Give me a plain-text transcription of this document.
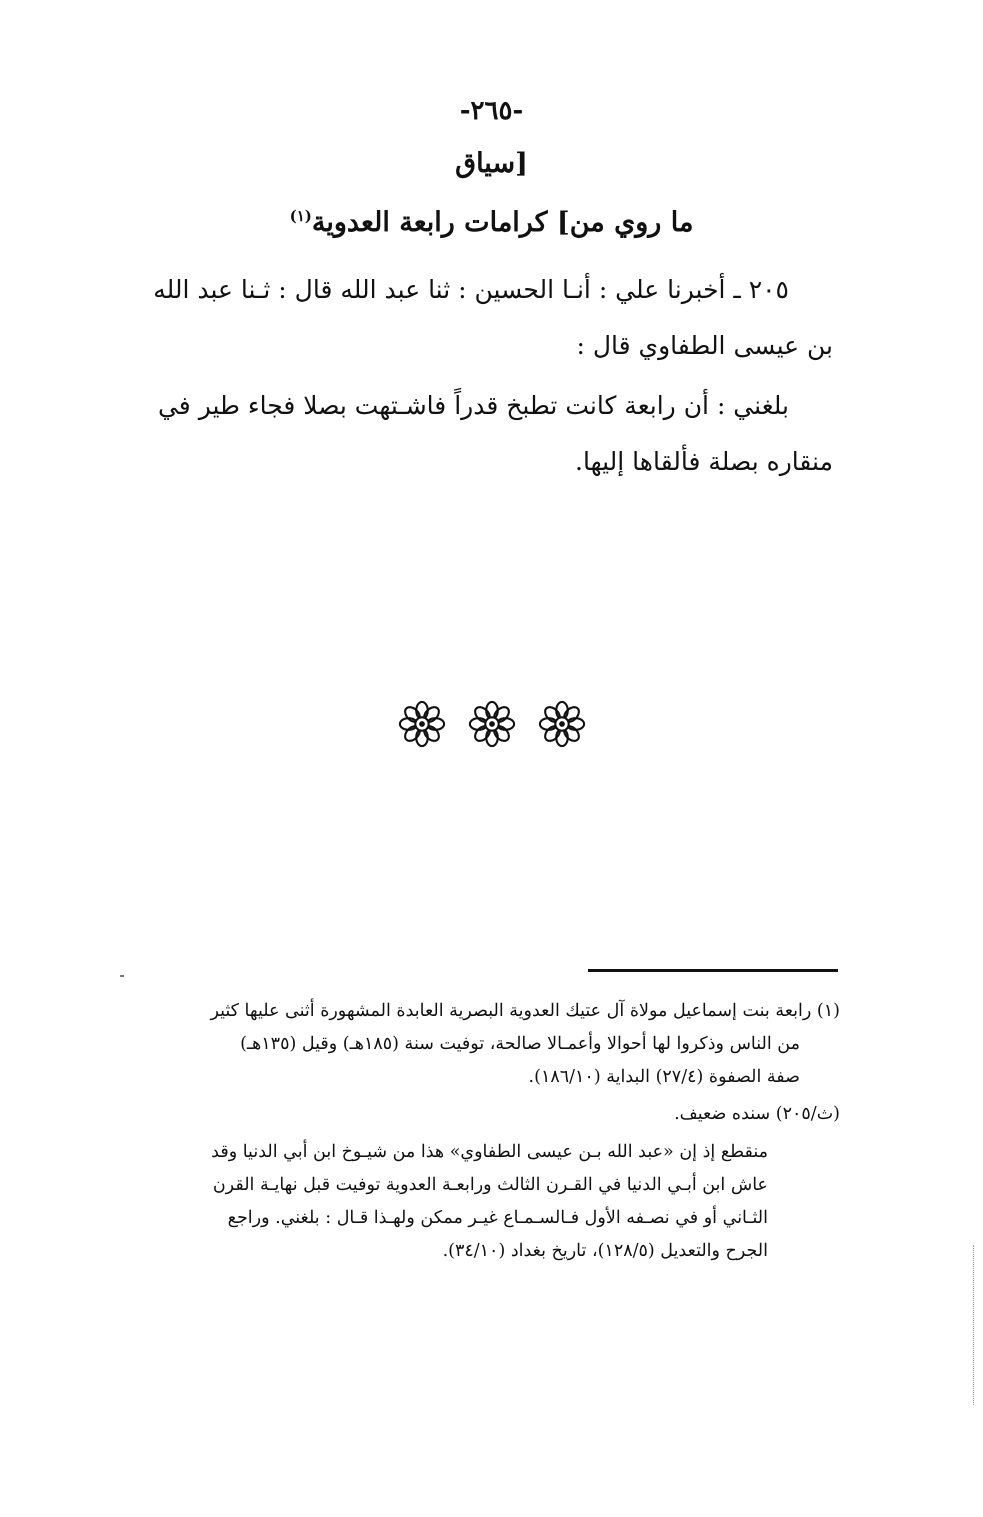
-٢٦٥-
[سياق
ما روي من] كرامات رابعة العدوية$^{(١)}$
٢٠٥ ـ أخبرنا علي : أنـا الحسين : ثنا عبد الله قال : ثـنا عبد الله
بن عيسى الطفاوي قال :
بلغني : أن رابعة كانت تطبخ قدراً فاشـتهت بصلا فجاء طير في
منقاره بصلة فألقاها إليها.
(١) رابعة بنت إسماعيل مولاة آل عتيك العدوية البصرية العابدة المشهورة أثنى عليها كثير
من الناس وذكروا لها أحوالا وأعمـالا صالحة، توفيت سنة (١٨٥هـ) وقيل (١٣٥هـ)
صفة الصفوة (٢٧/٤) البداية (١٨٦/١٠).
(ث/٢٠٥) سنده ضعيف.
منقطع إذ إن «عبد الله بـن عيسى الطفاوي» هذا من شيـوخ ابن أبي الدنيا وقد
عاش ابن أبـي الدنيا في القـرن الثالث ورابعـة العدوية توفيت قبل نهايـة القرن
الثـاني أو في نصـفه الأول فـالسـمـاع غيـر ممكن ولهـذا قـال : بلغني. وراجع
الجرح والتعديل (١٢٨/٥)، تاريخ بغداد (٣٤/١٠).
